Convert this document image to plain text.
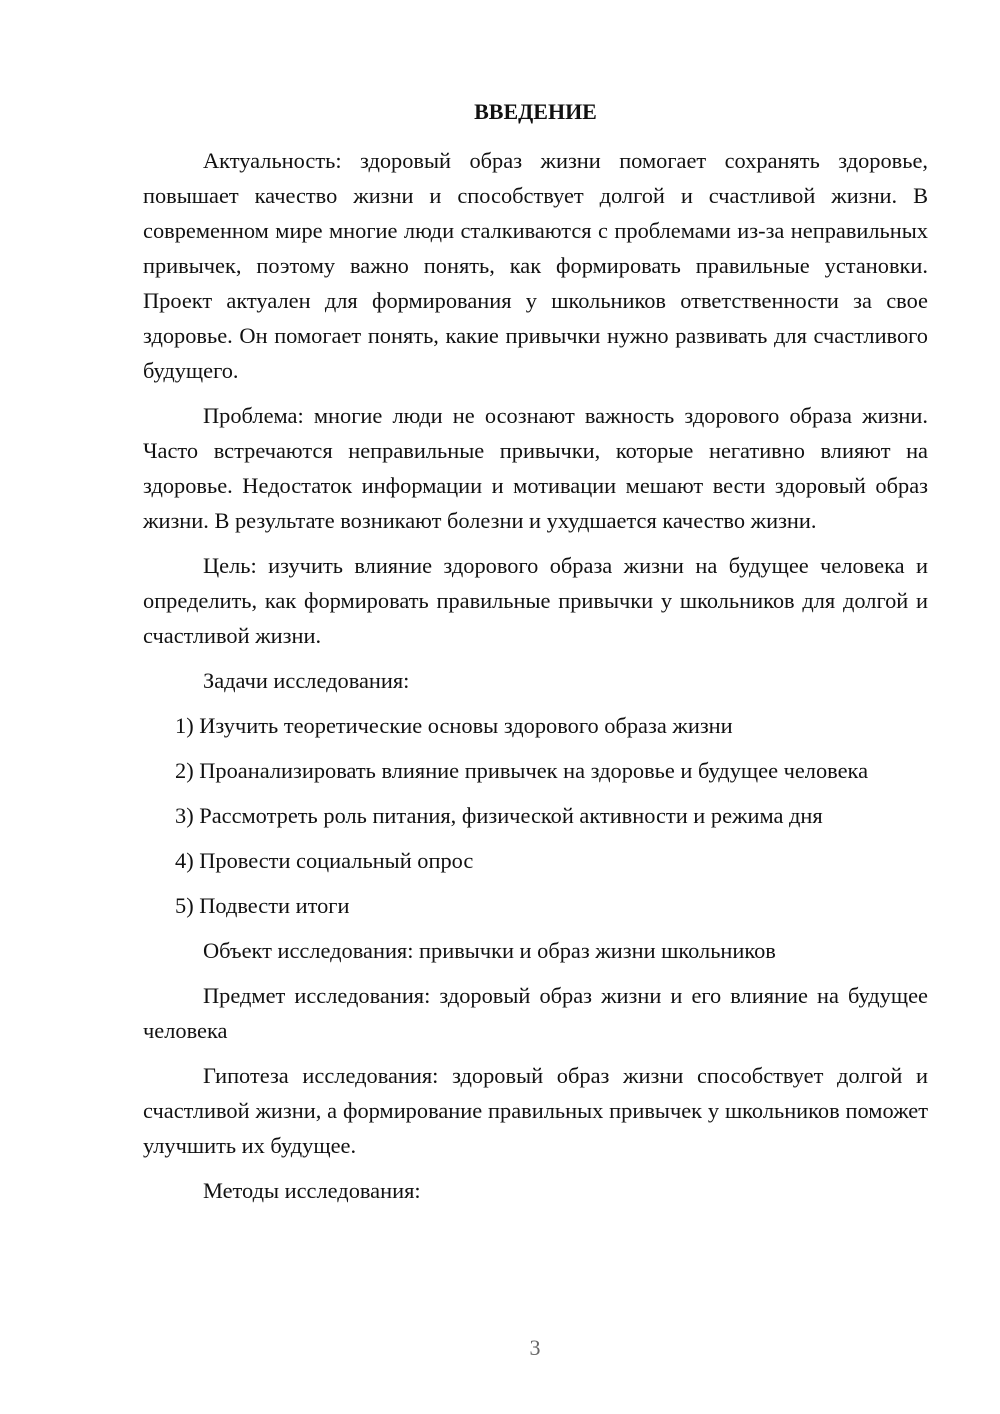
ВВЕДЕНИЕ

Актуальность: здоровый образ жизни помогает сохранять здоровье, повышает качество жизни и способствует долгой и счастливой жизни. В современном мире многие люди сталкиваются с проблемами из-за неправильных привычек, поэтому важно понять, как формировать правильные установки. Проект актуален для формирования у школьников ответственности за свое здоровье. Он помогает понять, какие привычки нужно развивать для счастливого будущего.

Проблема: многие люди не осознают важность здорового образа жизни. Часто встречаются неправильные привычки, которые негативно влияют на здоровье. Недостаток информации и мотивации мешают вести здоровый образ жизни. В результате возникают болезни и ухудшается качество жизни.

Цель: изучить влияние здорового образа жизни на будущее человека и определить, как формировать правильные привычки у школьников для долгой и счастливой жизни.

Задачи исследования:

1) Изучить теоретические основы здорового образа жизни

2) Проанализировать влияние привычек на здоровье и будущее человека

3) Рассмотреть роль питания, физической активности и режима дня

4) Провести социальный опрос

5) Подвести итоги

Объект исследования: привычки и образ жизни школьников

Предмет исследования: здоровый образ жизни и его влияние на будущее человека

Гипотеза исследования: здоровый образ жизни способствует долгой и счастливой жизни, а формирование правильных привычек у школьников поможет улучшить их будущее.

Методы исследования:

3
